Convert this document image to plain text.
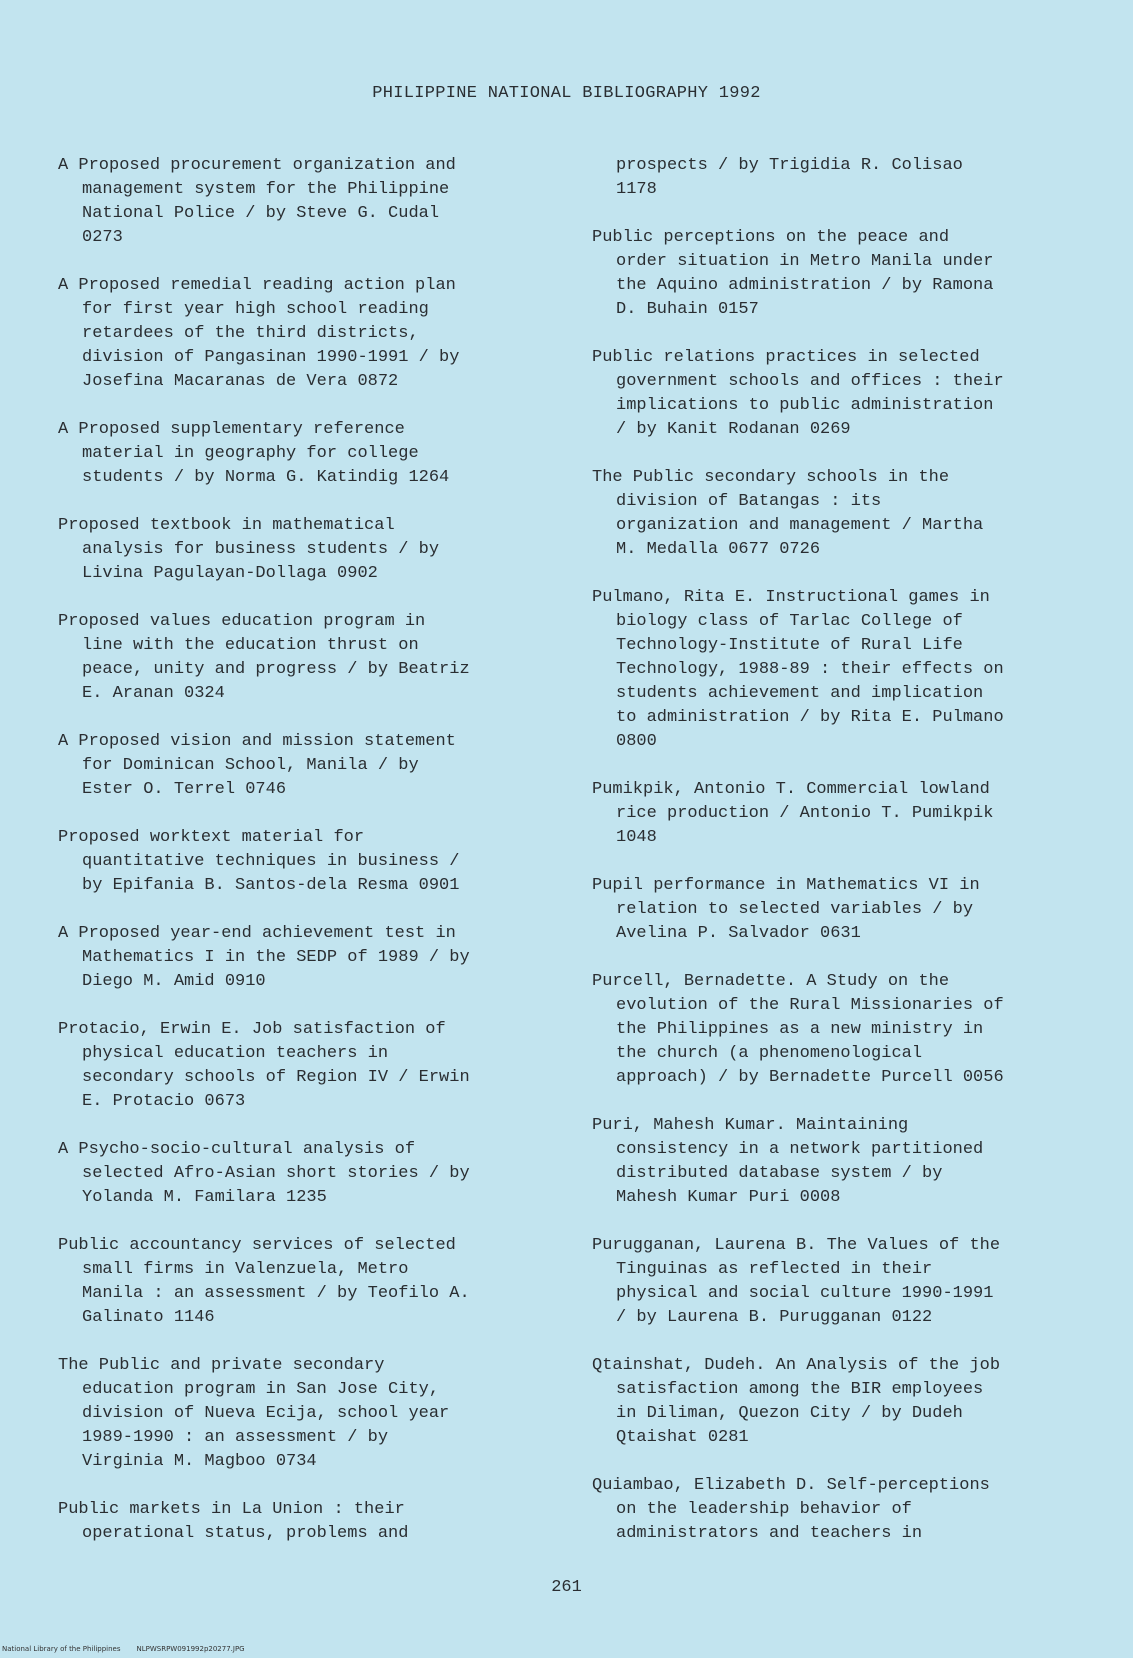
PHILIPPINE NATIONAL BIBLIOGRAPHY 1992

A Proposed procurement organization and
management system for the Philippine
National Police / by Steve G. Cudal
0273

A Proposed remedial reading action plan
for first year high school reading
retardees of the third districts,
division of Pangasinan 1990-1991 / by
Josefina Macaranas de Vera 0872

A Proposed supplementary reference
material in geography for college
students / by Norma G. Katindig 1264

Proposed textbook in mathematical
analysis for business students / by
Livina Pagulayan-Dollaga 0902

Proposed values education program in
line with the education thrust on
peace, unity and progress / by Beatriz
E. Aranan 0324

A Proposed vision and mission statement
for Dominican School, Manila / by
Ester O. Terrel 0746

Proposed worktext material for
quantitative techniques in business /
by Epifania B. Santos-dela Resma 0901

A Proposed year-end achievement test in
Mathematics I in the SEDP of 1989 / by
Diego M. Amid 0910

Protacio, Erwin E. Job satisfaction of
physical education teachers in
secondary schools of Region IV / Erwin
E. Protacio 0673

A Psycho-socio-cultural analysis of
selected Afro-Asian short stories / by
Yolanda M. Familara 1235

Public accountancy services of selected
small firms in Valenzuela, Metro
Manila : an assessment / by Teofilo A.
Galinato 1146

The Public and private secondary
education program in San Jose City,
division of Nueva Ecija, school year
1989-1990 : an assessment / by
Virginia M. Magboo 0734

Public markets in La Union : their
operational status, problems and

prospects / by Trigidia R. Colisao
1178

Public perceptions on the peace and
order situation in Metro Manila under
the Aquino administration / by Ramona
D. Buhain 0157

Public relations practices in selected
government schools and offices : their
implications to public administration
/ by Kanit Rodanan 0269

The Public secondary schools in the
division of Batangas : its
organization and management / Martha
M. Medalla 0677 0726

Pulmano, Rita E. Instructional games in
biology class of Tarlac College of
Technology-Institute of Rural Life
Technology, 1988-89 : their effects on
students achievement and implication
to administration / by Rita E. Pulmano
0800

Pumikpik, Antonio T. Commercial lowland
rice production / Antonio T. Pumikpik
1048

Pupil performance in Mathematics VI in
relation to selected variables / by
Avelina P. Salvador 0631

Purcell, Bernadette. A Study on the
evolution of the Rural Missionaries of
the Philippines as a new ministry in
the church (a phenomenological
approach) / by Bernadette Purcell 0056

Puri, Mahesh Kumar. Maintaining
consistency in a network partitioned
distributed database system / by
Mahesh Kumar Puri 0008

Purugganan, Laurena B. The Values of the
Tinguinas as reflected in their
physical and social culture 1990-1991
/ by Laurena B. Purugganan 0122

Qtainshat, Dudeh. An Analysis of the job
satisfaction among the BIR employees
in Diliman, Quezon City / by Dudeh
Qtaishat 0281

Quiambao, Elizabeth D. Self-perceptions
on the leadership behavior of
administrators and teachers in

261
National Library of the Philippines NLPWSRPW091992p20277.JPG
